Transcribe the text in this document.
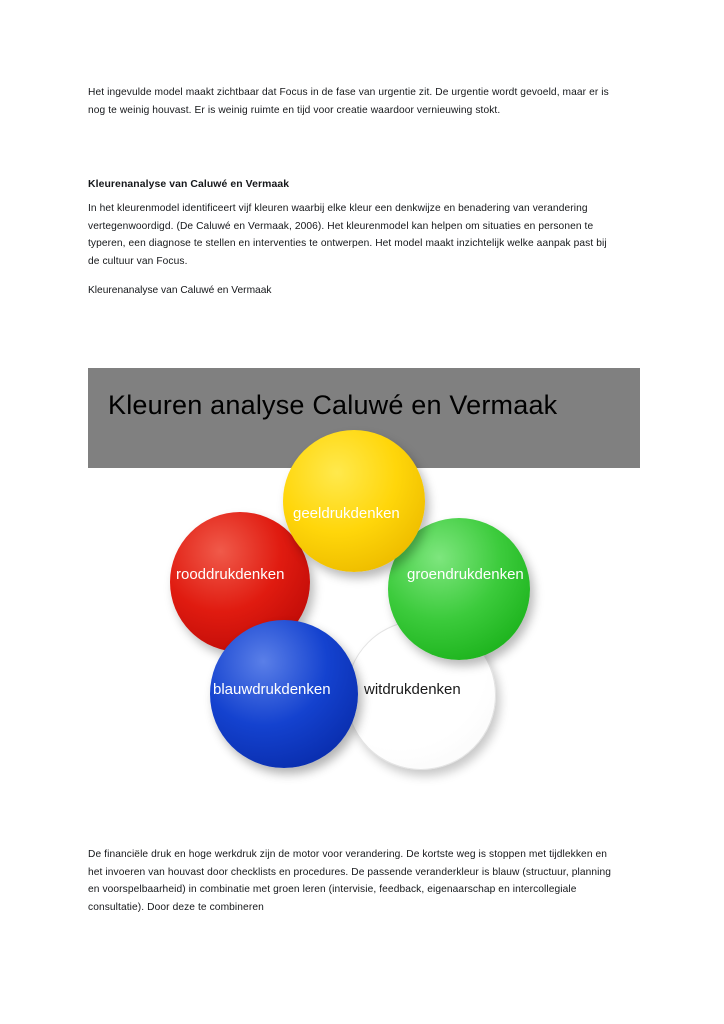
Het ingevulde model maakt zichtbaar dat Focus in de fase van urgentie zit. De urgentie wordt gevoeld, maar er is nog te weinig houvast. Er is weinig ruimte en tijd voor creatie waardoor vernieuwing stokt.

Kleurenanalyse van Caluwé en Vermaak

In het kleurenmodel identificeert vijf kleuren waarbij elke kleur een denkwijze en benadering van verandering vertegenwoordigd. (De Caluwé en Vermaak, 2006). Het kleurenmodel kan helpen om situaties en personen te typeren, een diagnose te stellen en interventies te ontwerpen. Het model maakt inzichtelijk welke aanpak past bij de cultuur van Focus.

Kleurenanalyse van Caluwé en Vermaak
Kleuren analyse Caluwé en Vermaak
geeldrukdenken
groendrukdenken
rooddrukdenken
blauwdrukdenken witdrukdenken
De financiële druk en hoge werkdruk zijn de motor voor verandering. De kortste weg is stoppen met tijdlekken en het invoeren van houvast door checklists en procedures. De passende veranderkleur is blauw (structuur, planning en voorspelbaarheid) in combinatie met groen leren (intervisie, feedback, eigenaarschap en intercollegiale consultatie). Door deze te combineren
